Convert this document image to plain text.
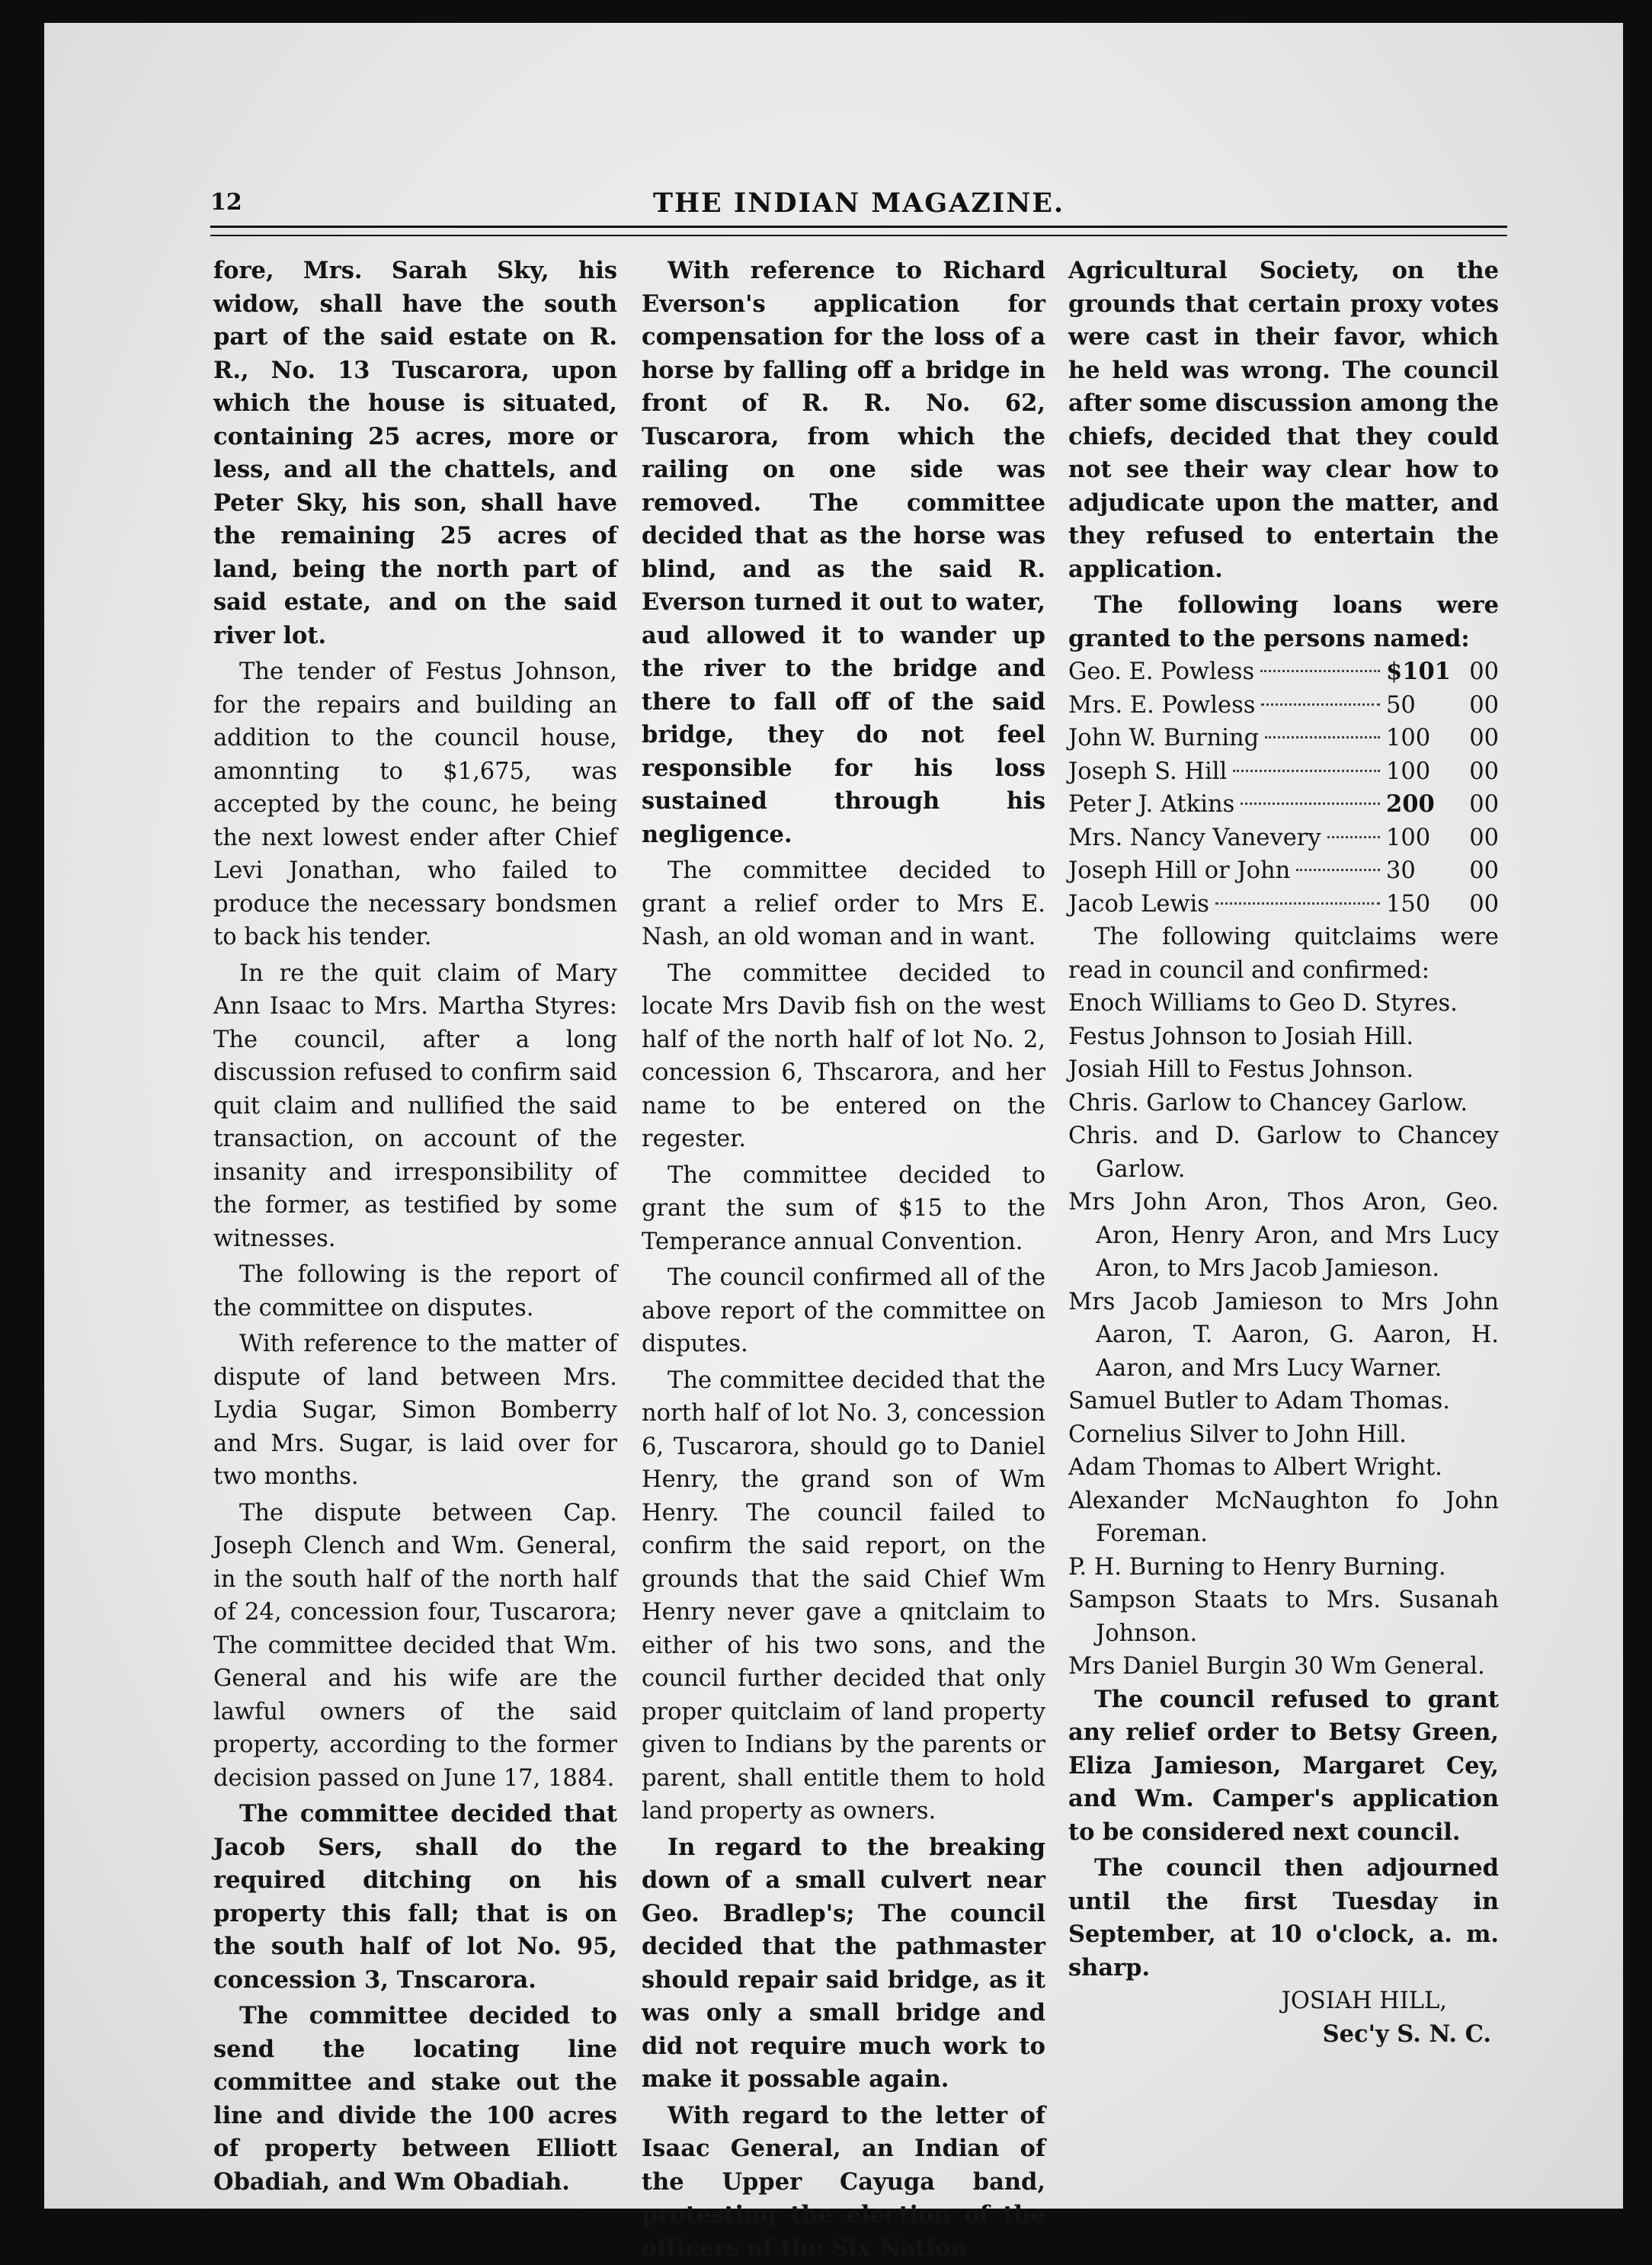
12	THE INDIAN MAGAZINE.

fore, Mrs. Sarah Sky, his widow, shall have the south part of the said estate on R. R., No. 13 Tuscarora, upon which the house is situated, containing 25 acres, more or less, and all the chattels, and Peter Sky, his son, shall have the remaining 25 acres of land, being the north part of said estate, and on the said river lot.

The tender of Festus Johnson, for the repairs and building an addition to the council house, amonnting to $1,675, was accepted by the counc, he being the next lowest ender after Chief Levi Jonathan, who failed to produce the necessary bondsmen to back his tender.

In re the quit claim of Mary Ann Isaac to Mrs. Martha Styres: The council, after a long discussion refused to confirm said quit claim and nullified the said transaction, on account of the insanity and irresponsibility of the former, as testified by some witnesses.

The following is the report of the committee on disputes.

With reference to the matter of dispute of land between Mrs. Lydia Sugar, Simon Bomberry and Mrs. Sugar, is laid over for two months.

The dispute between Cap. Joseph Clench and Wm. General, in the south half of the north half of 24, concession four, Tuscarora; The committee decided that Wm. General and his wife are the lawful owners of the said property, according to the former decision passed on June 17, 1884.

The committee decided that Jacob Sers, shall do the required ditching on his property this fall; that is on the south half of lot No. 95, concession 3, Tnscarora.

The committee decided to send the locating line committee and stake out the line and divide the 100 acres of property between Elliott Obadiah, and Wm Obadiah.

With reference to Richard Everson's application for compensation for the loss of a horse by falling off a bridge in front of R. R. No. 62, Tuscarora, from which the railing on one side was removed. The committee decided that as the horse was blind, and as the said R. Everson turned it out to water, aud allowed it to wander up the river to the bridge and there to fall off of the said bridge, they do not feel responsible for his loss sustained through his negligence.

The committee decided to grant a relief order to Mrs E. Nash, an old woman and in want.

The committee decided to locate Mrs Davib fish on the west half of the north half of lot No. 2, concession 6, Thscarora, and her name to be entered on the regester.

The committee decided to grant the sum of $15 to the Temperance annual Convention.

The council confirmed all of the above report of the committee on disputes.

The committee decided that the north half of lot No. 3, concession 6, Tuscarora, should go to Daniel Henry, the grand son of Wm Henry. The council failed to confirm the said report, on the grounds that the said Chief Wm Henry never gave a qnitclaim to either of his two sons, and the council further decided that only proper quitclaim of land property given to Indians by the parents or parent, shall entitle them to hold land property as owners.

In regard to the breaking down of a small culvert near Geo. Bradlep's; The council decided that the pathmaster should repair said bridge, as it was only a small bridge and did not require much work to make it possable again.

With regard to the letter of Isaac General, an Indian of the Upper Cayuga band, protesting the election of the officers of the Six Nation

Agricultural Society, on the grounds that certain proxy votes were cast in their favor, which he held was wrong. The council after some discussion among the chiefs, decided that they could not see their way clear how to adjudicate upon the matter, and they refused to entertain the application.

The following loans were granted to the persons named:

Geo. E. Powless	$101 00
Mrs. E. Powless	50 00
John W. Burning	100 00
Joseph S. Hill	100 00
Peter J. Atkins	200 00
Mrs. Nancy Vanevery	100 00
Joseph Hill or John	30 00
Jacob Lewis	150 00

The following quitclaims were read in council and confirmed:

Enoch Williams to Geo D. Styres.
Festus Johnson to Josiah Hill.
Josiah Hill to Festus Johnson.
Chris. Garlow to Chancey Garlow.
Chris. and D. Garlow to Chancey Garlow.
Mrs John Aron, Thos Aron, Geo. Aron, Henry Aron, and Mrs Lucy Aron, to Mrs Jacob Jamieson.
Mrs Jacob Jamieson to Mrs John Aaron, T. Aaron, G. Aaron, H. Aaron, and Mrs Lucy Warner.
Samuel Butler to Adam Thomas.
Cornelius Silver to John Hill.
Adam Thomas to Albert Wright.
Alexander McNaughton fo John Foreman.
P. H. Burning to Henry Burning.
Sampson Staats to Mrs. Susanah Johnson.
Mrs Daniel Burgin 30 Wm General.

The council refused to grant any relief order to Betsy Green, Eliza Jamieson, Margaret Cey, and Wm. Camper's application to be considered next council.

The council then adjourned until the first Tuesday in September, at 10 o'clock, a. m. sharp.

JOSIAH HILL,
Sec'y S. N. C.
